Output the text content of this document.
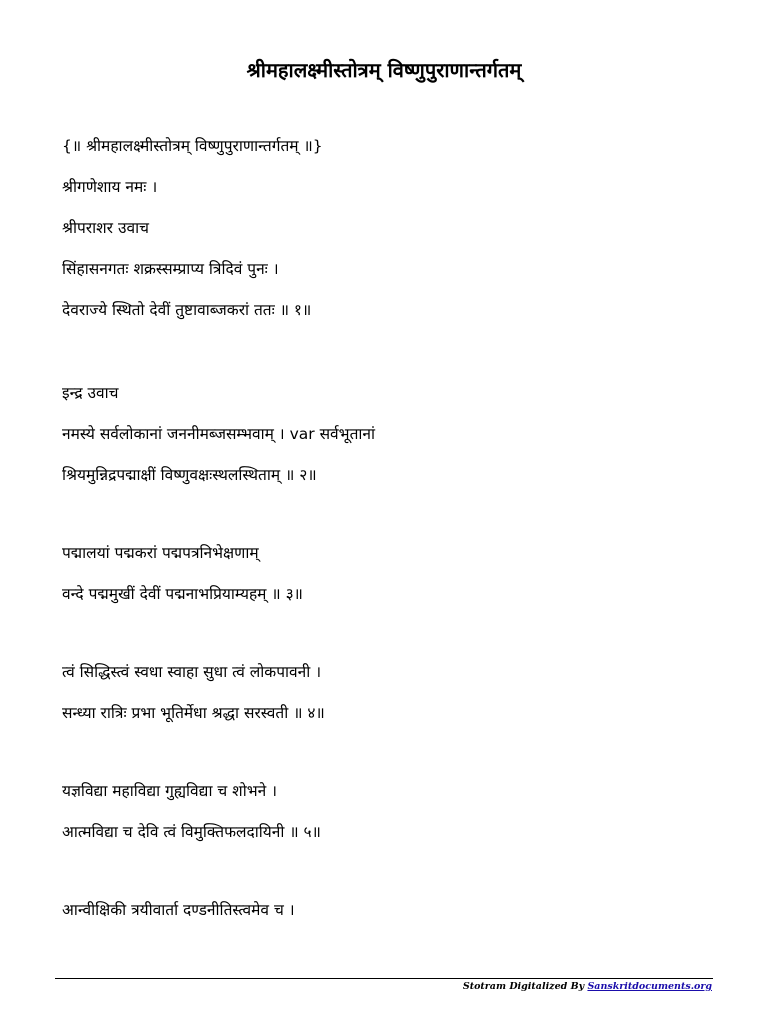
श्रीमहालक्ष्मीस्तोत्रम् विष्णुपुराणान्तर्गतम्
{॥ श्रीमहालक्ष्मीस्तोत्रम् विष्णुपुराणान्तर्गतम् ॥}
श्रीगणेशाय नमः ।
श्रीपराशर उवाच
सिंहासनगतः शक्रस्सम्प्राप्य त्रिदिवं पुनः ।
देवराज्ये स्थितो देवीं तुष्टावाब्जकरां ततः ॥ १॥
इन्द्र उवाच
नमस्ये सर्वलोकानां जननीमब्जसम्भवाम् । var सर्वभूतानां
श्रियमुन्निद्रपद्माक्षीं विष्णुवक्षःस्थलस्थिताम् ॥ २॥
पद्मालयां पद्मकरां पद्मपत्रनिभेक्षणाम्
वन्दे पद्ममुखीं देवीं पद्मनाभप्रियाम्यहम् ॥ ३॥
त्वं सिद्धिस्त्वं स्वधा स्वाहा सुधा त्वं लोकपावनी ।
सन्ध्या रात्रिः प्रभा भूतिर्मेधा श्रद्धा सरस्वती ॥ ४॥
यज्ञविद्या महाविद्या गुह्यविद्या च शोभने ।
आत्मविद्या च देवि त्वं विमुक्तिफलदायिनी ॥ ५॥
आन्वीक्षिकी त्रयीवार्ता दण्डनीतिस्त्वमेव च ।
Stotram Digitalized By Sanskritdocuments.org
